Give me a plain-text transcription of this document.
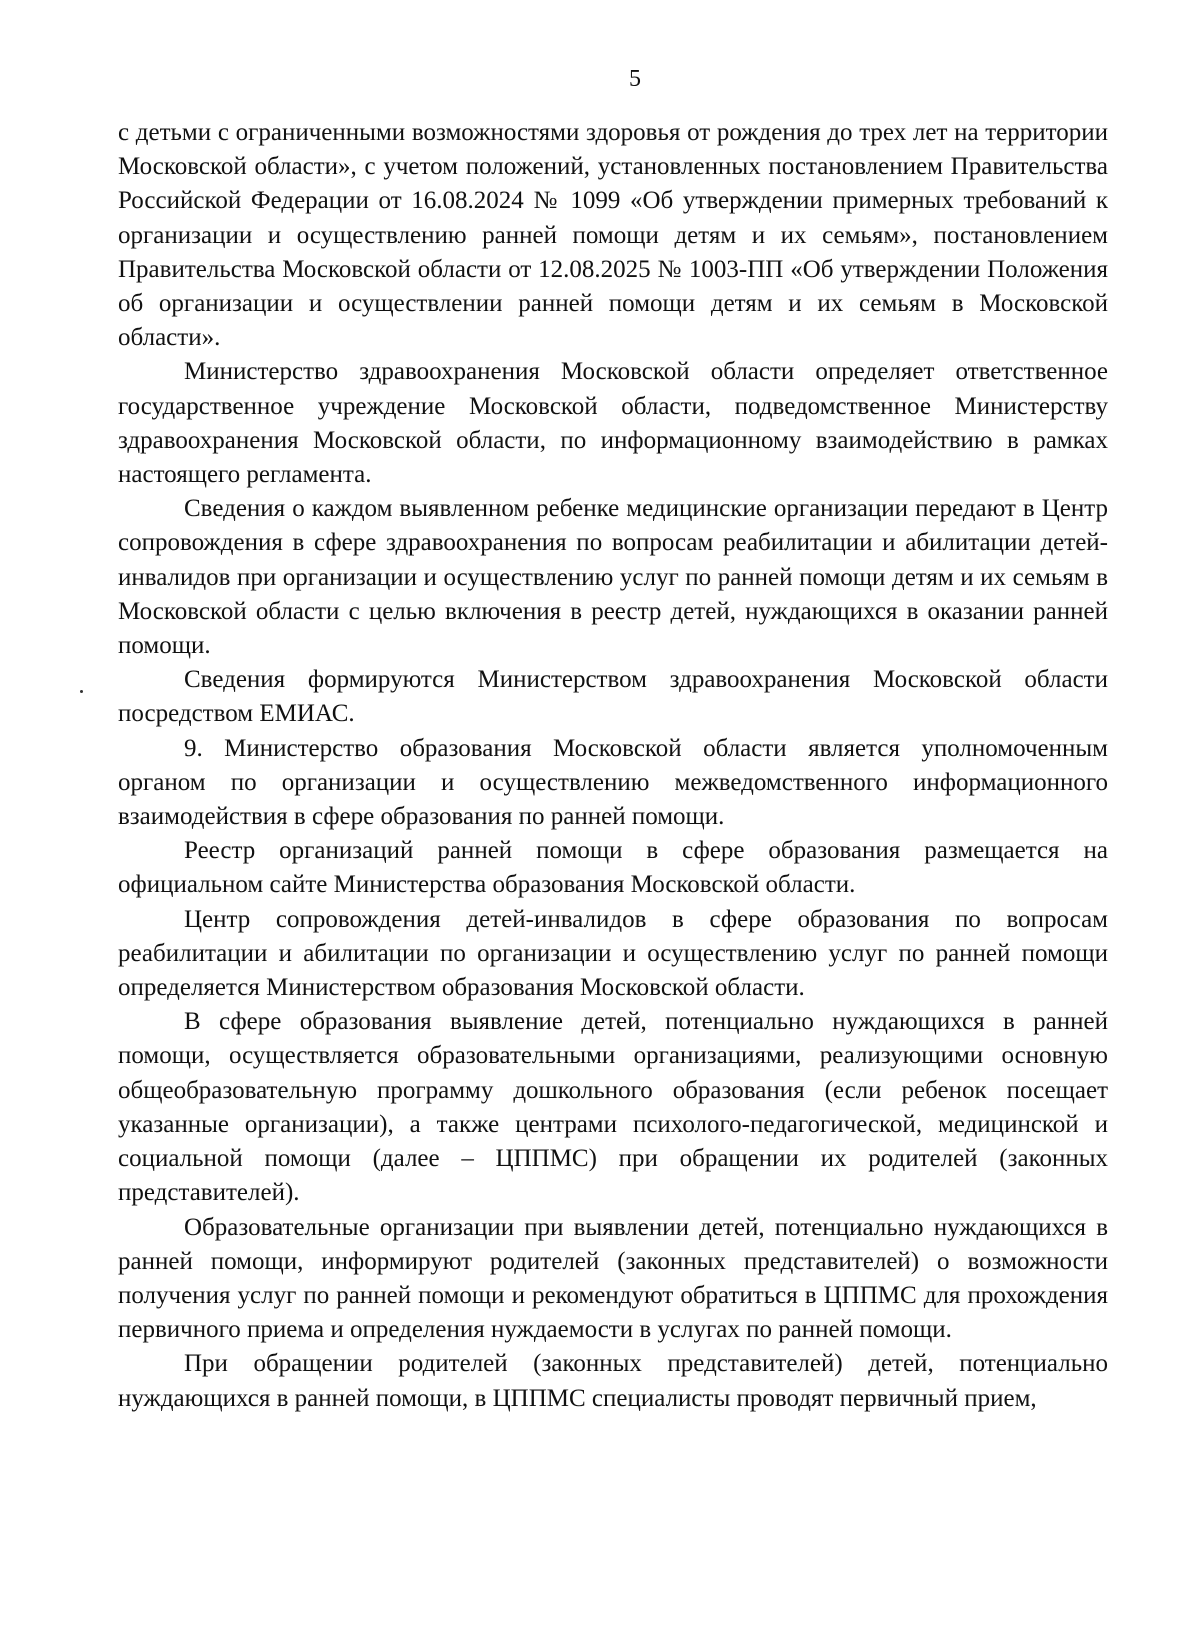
5

с детьми с ограниченными возможностями здоровья от рождения до трех лет на территории Московской области», с учетом положений, установленных постановлением Правительства Российской Федерации от 16.08.2024 № 1099 «Об утверждении примерных требований к организации и осуществлению ранней помощи детям и их семьям», постановлением Правительства Московской области от 12.08.2025 № 1003-ПП «Об утверждении Положения об организации и осуществлении ранней помощи детям и их семьям в Московской области».

Министерство здравоохранения Московской области определяет ответственное государственное учреждение Московской области, подведомственное Министерству здравоохранения Московской области, по информационному взаимодействию в рамках настоящего регламента.

Сведения о каждом выявленном ребенке медицинские организации передают в Центр сопровождения в сфере здравоохранения по вопросам реабилитации и абилитации детей-инвалидов при организации и осуществлению услуг по ранней помощи детям и их семьям в Московской области с целью включения в реестр детей, нуждающихся в оказании ранней помощи.

Сведения формируются Министерством здравоохранения Московской области посредством ЕМИАС.

9. Министерство образования Московской области является уполномоченным органом по организации и осуществлению межведомственного информационного взаимодействия в сфере образования по ранней помощи.

Реестр организаций ранней помощи в сфере образования размещается на официальном сайте Министерства образования Московской области.

Центр сопровождения детей-инвалидов в сфере образования по вопросам реабилитации и абилитации по организации и осуществлению услуг по ранней помощи определяется Министерством образования Московской области.

В сфере образования выявление детей, потенциально нуждающихся в ранней помощи, осуществляется образовательными организациями, реализующими основную общеобразовательную программу дошкольного образования (если ребенок посещает указанные организации), а также центрами психолого-педагогической, медицинской и социальной помощи (далее – ЦППМС) при обращении их родителей (законных представителей).

Образовательные организации при выявлении детей, потенциально нуждающихся в ранней помощи, информируют родителей (законных представителей) о возможности получения услуг по ранней помощи и рекомендуют обратиться в ЦППМС для прохождения первичного приема и определения нуждаемости в услугах по ранней помощи.

При обращении родителей (законных представителей) детей, потенциально нуждающихся в ранней помощи, в ЦППМС специалисты проводят первичный прием,
